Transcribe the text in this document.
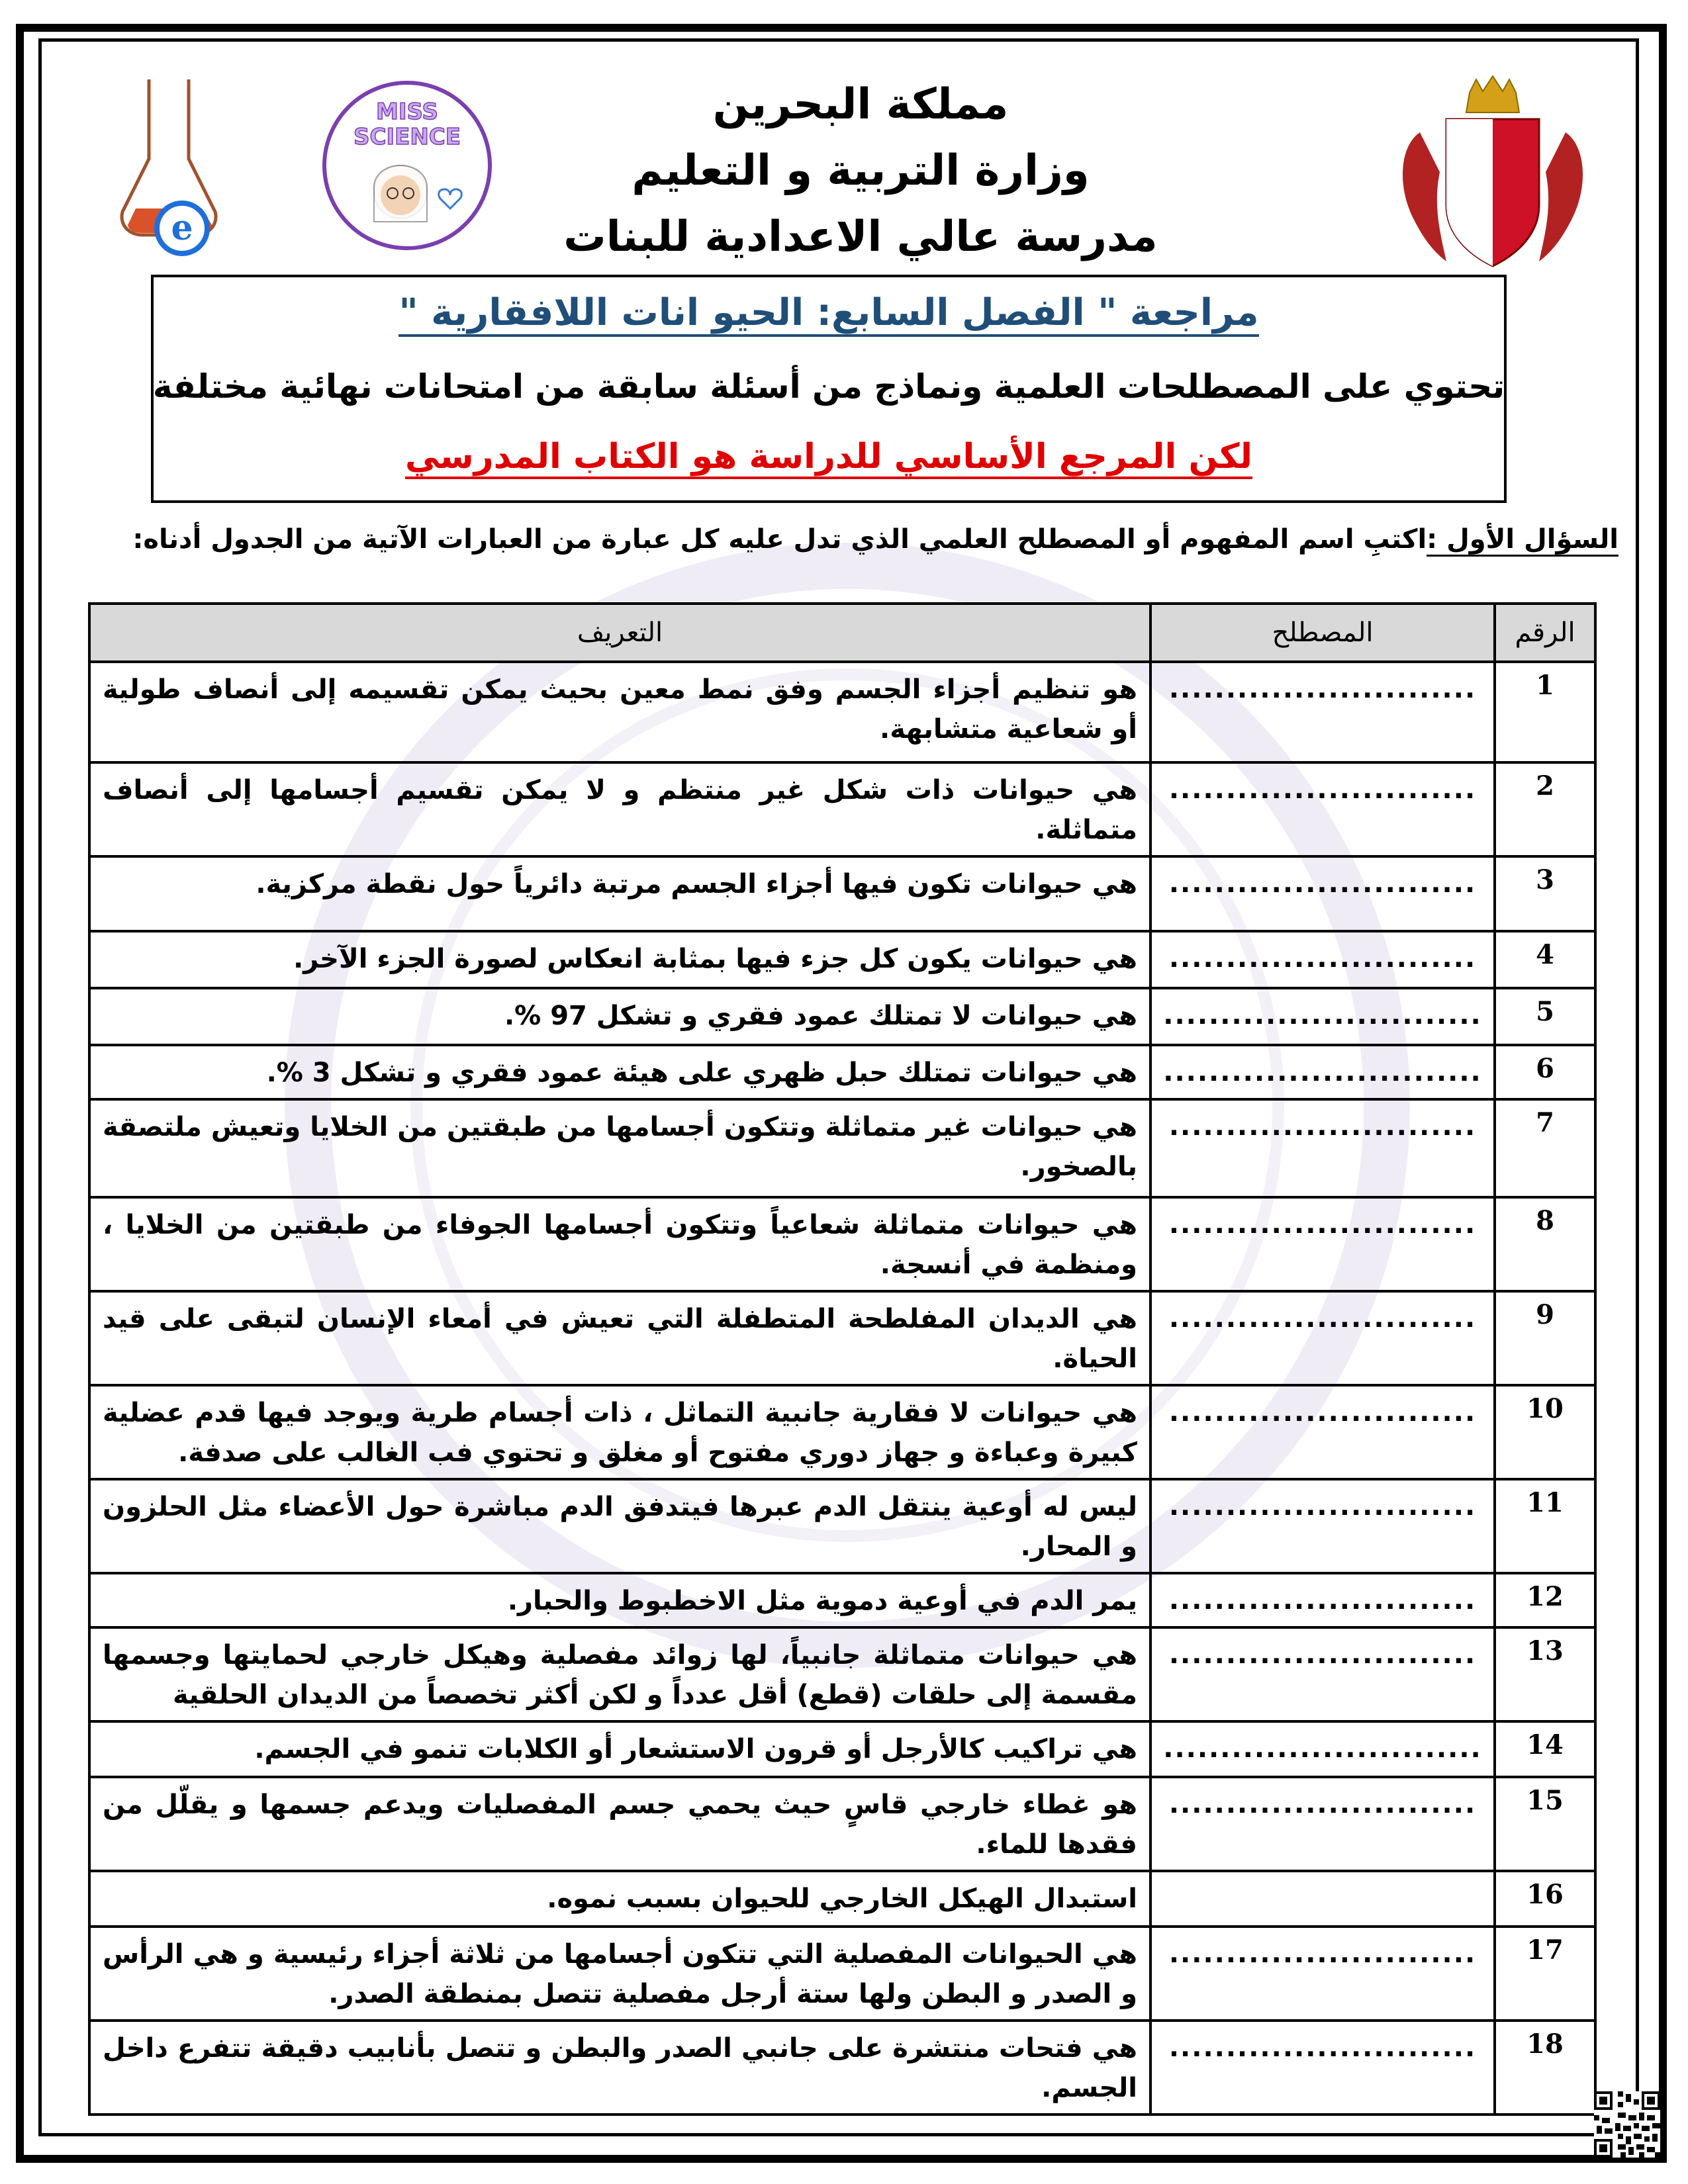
MISS
SCIENCE
e
مملكة البحرين
وزارة التربية و التعليم
مدرسة عالي الاعدادية للبنات
مراجعة " الفصل السابع: الحيو انات اللافقارية "
تحتوي على المصطلحات العلمية ونماذج من أسئلة سابقة من امتحانات نهائية مختلفة
لكن المرجع الأساسي للدراسة هو الكتاب المدرسي
السؤال الأول :اكتبِ اسم المفهوم أو المصطلح العلمي الذي تدل عليه كل عبارة من العبارات الآتية من الجدول أدناه:
الرقم	المصطلح	التعريف
1	...........................	هو تنظيم أجزاء الجسم وفق نمط معين بحيث يمكن تقسيمه إلى أنصاف طولية أو شعاعية متشابهة.
2	...........................	هي حيوانات ذات شكل غير منتظم و لا يمكن تقسيم أجسامها إلى أنصاف متماثلة.
3	...........................	هي حيوانات تكون فيها أجزاء الجسم مرتبة دائرياً حول نقطة مركزية.
4	...........................	هي حيوانات يكون كل جزء فيها بمثابة انعكاس لصورة الجزء الآخر.
5	............................	هي حيوانات لا تمتلك عمود فقري و تشكل 97 %.
6	............................	هي حيوانات تمتلك حبل ظهري على هيئة عمود فقري و تشكل 3 %.
7	...........................	هي حيوانات غير متماثلة وتتكون أجسامها من طبقتين من الخلايا وتعيش ملتصقة بالصخور.
8	...........................	هي حيوانات متماثلة شعاعياً وتتكون أجسامها الجوفاء من طبقتين من الخلايا ، ومنظمة في أنسجة.
9	...........................	هي الديدان المفلطحة المتطفلة التي تعيش في أمعاء الإنسان لتبقى على قيد الحياة.
10	...........................	هي حيوانات لا فقارية جانبية التماثل ، ذات أجسام طرية ويوجد فيها قدم عضلية كبيرة وعباءة و جهاز دوري مفتوح أو مغلق و تحتوي فب الغالب على صدفة.
11	...........................	ليس له أوعية ينتقل الدم عبرها فيتدفق الدم مباشرة حول الأعضاء مثل الحلزون و المحار.
12	...........................	يمر الدم في أوعية دموية مثل الاخطبوط والحبار.
13	...........................	هي حيوانات متماثلة جانبياً، لها زوائد مفصلية وهيكل خارجي لحمايتها وجسمها مقسمة إلى حلقات (قطع) أقل عدداً و لكن أكثر تخصصاً من الديدان الحلقية
14	............................	هي تراكيب كالأرجل أو قرون الاستشعار أو الكلابات تنمو في الجسم.
15	...........................	هو غطاء خارجي قاسٍ حيث يحمي جسم المفصليات ويدعم جسمها و يقلّل من فقدها للماء.
16		استبدال الهيكل الخارجي للحيوان بسبب نموه.
17	...........................	هي الحيوانات المفصلية التي تتكون أجسامها من ثلاثة أجزاء رئيسية و هي الرأس و الصدر و البطن ولها ستة أرجل مفصلية تتصل بمنطقة الصدر.
18	...........................	هي فتحات منتشرة على جانبي الصدر والبطن و تتصل بأنابيب دقيقة تتفرع داخل الجسم.
